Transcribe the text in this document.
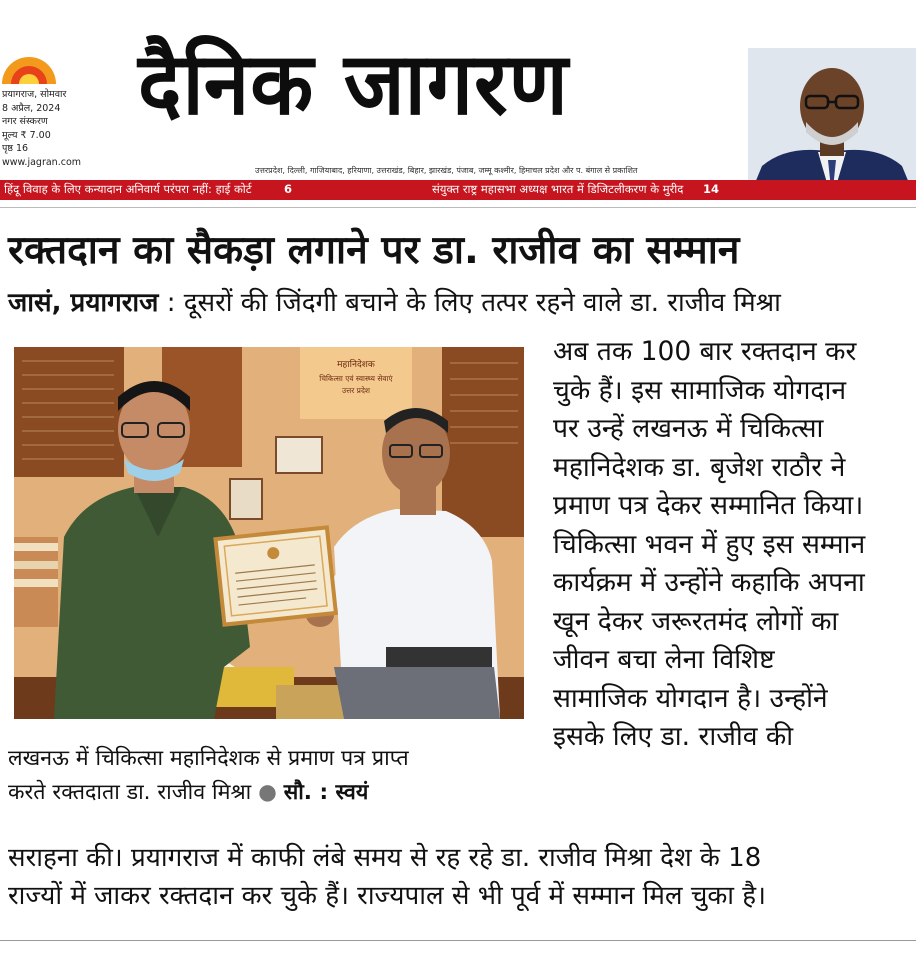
प्रयागराज, सोमवार
8 अप्रैल, 2024
नगर संस्करण
मूल्य ₹ 7.00
पृष्ठ 16
www.jagran.com
दैनिक जागरण
उत्तरप्रदेश, दिल्ली, गाजियाबाद, हरियाणा, उत्तराखंड, बिहार, झारखंड, पंजाब, जम्मू कश्मीर, हिमाचल प्रदेश और प. बंगाल से प्रकाशित
हिंदू विवाह के लिए कन्यादान अनिवार्य परंपरा नहीं: हाई कोर्ट	6	संयुक्त राष्ट्र महासभा अध्यक्ष भारत में डिजिटलीकरण के मुरीद 14
रक्तदान का सैकड़ा लगाने पर डा. राजीव का सम्मान
जासं, प्रयागराज : दूसरों की जिंदगी बचाने के लिए तत्पर रहने वाले डा. राजीव मिश्रा
महानिदेशक
चिकित्सा एवं स्वास्थ्य सेवाएं
उत्तर प्रदेश
लखनऊ में चिकित्सा महानिदेशक से प्रमाण पत्र प्राप्त
करते रक्तदाता डा. राजीव मिश्रा ● सौ. : स्वयं
अब तक 100 बार रक्तदान कर
चुके हैं। इस सामाजिक योगदान
पर उन्हें लखनऊ में चिकित्सा
महानिदेशक डा. बृजेश राठौर ने
प्रमाण पत्र देकर सम्मानित किया।
चिकित्सा भवन में हुए इस सम्मान
कार्यक्रम में उन्होंने कहाकि अपना
खून देकर जरूरतमंद लोगों का
जीवन बचा लेना विशिष्ट
सामाजिक योगदान है। उन्होंने
इसके लिए डा. राजीव की
सराहना की। प्रयागराज में काफी लंबे समय से रह रहे डा. राजीव मिश्रा देश के 18
राज्यों में जाकर रक्तदान कर चुके हैं। राज्यपाल से भी पूर्व में सम्मान मिल चुका है।
